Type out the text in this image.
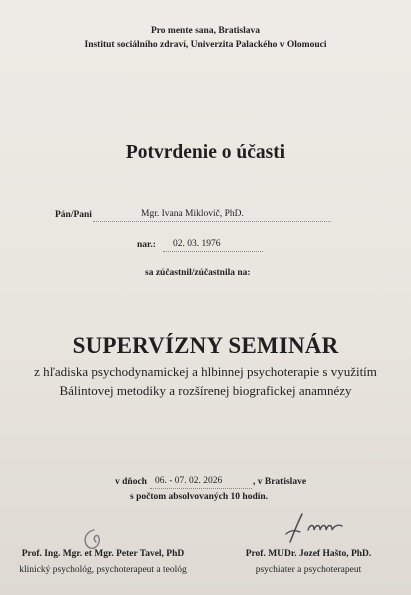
Pro mente sana, Bratislava
Institut sociálního zdraví, Univerzita Palackého v Olomouci
Potvrdenie o účasti
Pán/Pani	Mgr. Ivana Miklovič, PhD.
nar.: 02. 03. 1976
sa zúčastnil/zúčastnila na:
SUPERVÍZNY SEMINÁR
z hľadiska psychodynamickej a hlbinnej psychoterapie s využitím
Bálintovej metodiky a rozšírenej biografickej anamnézy
v dňoch 06. - 07. 02. 2026	, v Bratislave
s počtom absolvovaných 10 hodín.
Prof. Ing. Mgr. et Mgr. Peter Tavel, PhD
klinický psychológ, psychoterapeut a teológ
Prof. MUDr. Jozef Hašto, PhD.
psychiater a psychoterapeut
